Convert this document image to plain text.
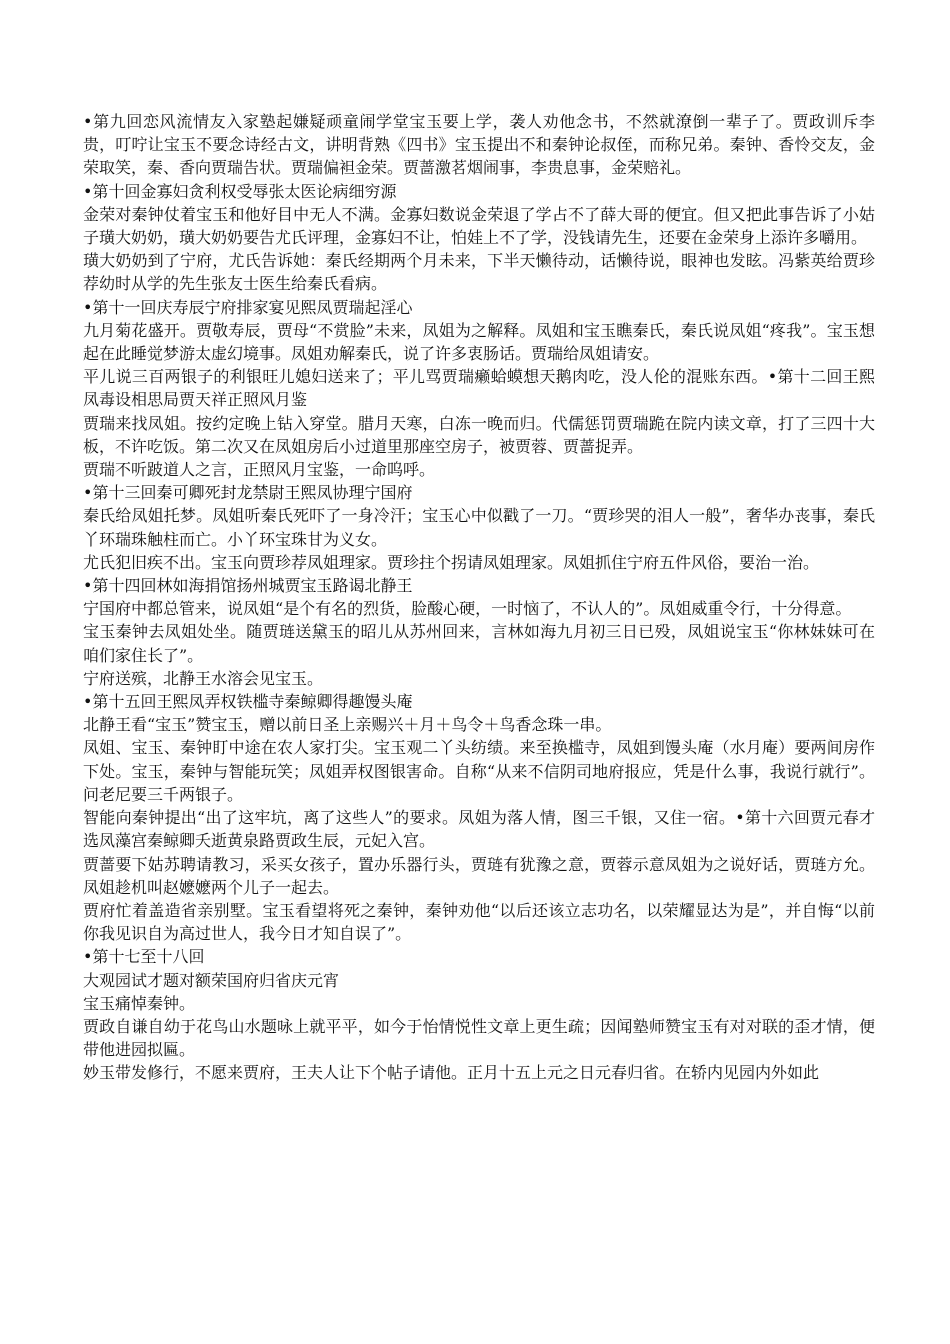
•第九回恋风流情友入家塾起嫌疑顽童闹学堂宝玉要上学，袭人劝他念书，不然就潦倒一辈子了。贾政训斥李贵，叮咛让宝玉不要念诗经古文，讲明背熟《四书》宝玉提出不和秦钟论叔侄，而称兄弟。秦钟、香怜交友，金荣取笑，秦、香向贾瑞告状。贾瑞偏袒金荣。贾蔷激茗烟闹事，李贵息事，金荣赔礼。

•第十回金寡妇贪利权受辱张太医论病细穷源

金荣对秦钟仗着宝玉和他好目中无人不满。金寡妇数说金荣退了学占不了薛大哥的便宜。但又把此事告诉了小姑子璜大奶奶，璜大奶奶要告尤氏评理，金寡妇不让，怕娃上不了学，没钱请先生，还要在金荣身上添许多嚼用。

璜大奶奶到了宁府，尤氏告诉她：秦氏经期两个月未来，下半天懒待动，话懒待说，眼神也发眩。冯紫英给贾珍荐幼时从学的先生张友士医生给秦氏看病。

•第十一回庆寿辰宁府排家宴见熙凤贾瑞起淫心

九月菊花盛开。贾敬寿辰，贾母“不赏脸”未来，凤姐为之解释。凤姐和宝玉瞧秦氏，秦氏说凤姐“疼我”。宝玉想起在此睡觉梦游太虚幻境事。凤姐劝解秦氏，说了许多衷肠话。贾瑞给凤姐请安。

平儿说三百两银子的利银旺儿媳妇送来了；平儿骂贾瑞癞蛤蟆想天鹅肉吃，没人伦的混账东西。•第十二回王熙凤毒设相思局贾天祥正照风月鉴

贾瑞来找凤姐。按约定晚上钻入穿堂。腊月天寒，白冻一晚而归。代儒惩罚贾瑞跪在院内读文章，打了三四十大板，不许吃饭。第二次又在凤姐房后小过道里那座空房子，被贾蓉、贾蔷捉弄。

贾瑞不听跛道人之言，正照风月宝鉴，一命呜呼。

•第十三回秦可卿死封龙禁尉王熙凤协理宁国府

秦氏给凤姐托梦。凤姐听秦氏死吓了一身冷汗；宝玉心中似戳了一刀。“贾珍哭的泪人一般”，奢华办丧事，秦氏丫环瑞珠触柱而亡。小丫环宝珠甘为义女。

尤氏犯旧疾不出。宝玉向贾珍荐凤姐理家。贾珍拄个拐请凤姐理家。凤姐抓住宁府五件风俗，要治一治。

•第十四回林如海捐馆扬州城贾宝玉路谒北静王

宁国府中都总管来，说凤姐“是个有名的烈货，脸酸心硬，一时恼了，不认人的”。凤姐威重令行，十分得意。

宝玉秦钟去凤姐处坐。随贾琏送黛玉的昭儿从苏州回来，言林如海九月初三日已殁，凤姐说宝玉“你林妹妹可在咱们家住长了”。

宁府送殡，北静王水溶会见宝玉。

•第十五回王熙凤弄权铁槛寺秦鲸卿得趣馒头庵

北静王看“宝玉”赞宝玉，赠以前日圣上亲赐兴＋月＋鸟令＋鸟香念珠一串。

凤姐、宝玉、秦钟盯中途在农人家打尖。宝玉观二丫头纺绩。来至换槛寺，凤姐到馒头庵（水月庵）要两间房作下处。宝玉，秦钟与智能玩笑；凤姐弄权图银害命。自称“从来不信阴司地府报应，凭是什么事，我说行就行”。问老尼要三千两银子。

智能向秦钟提出“出了这牢坑，离了这些人”的要求。凤姐为落人情，图三千银，又住一宿。•第十六回贾元春才选凤藻宫秦鲸卿夭逝黄泉路贾政生辰，元妃入宫。

贾蔷要下姑苏聘请教习，采买女孩子，置办乐器行头，贾琏有犹豫之意，贾蓉示意凤姐为之说好话，贾琏方允。凤姐趁机叫赵嬷嬷两个儿子一起去。

贾府忙着盖造省亲别墅。宝玉看望将死之秦钟，秦钟劝他“以后还该立志功名，以荣耀显达为是”，并自悔“以前你我见识自为高过世人，我今日才知自误了”。

•第十七至十八回

大观园试才题对额荣国府归省庆元宵

宝玉痛悼秦钟。

贾政自谦自幼于花鸟山水题咏上就平平，如今于怡情悦性文章上更生疏；因闻塾师赞宝玉有对对联的歪才情，便带他进园拟匾。

妙玉带发修行，不愿来贾府，王夫人让下个帖子请他。正月十五上元之日元春归省。在轿内见园内外如此
